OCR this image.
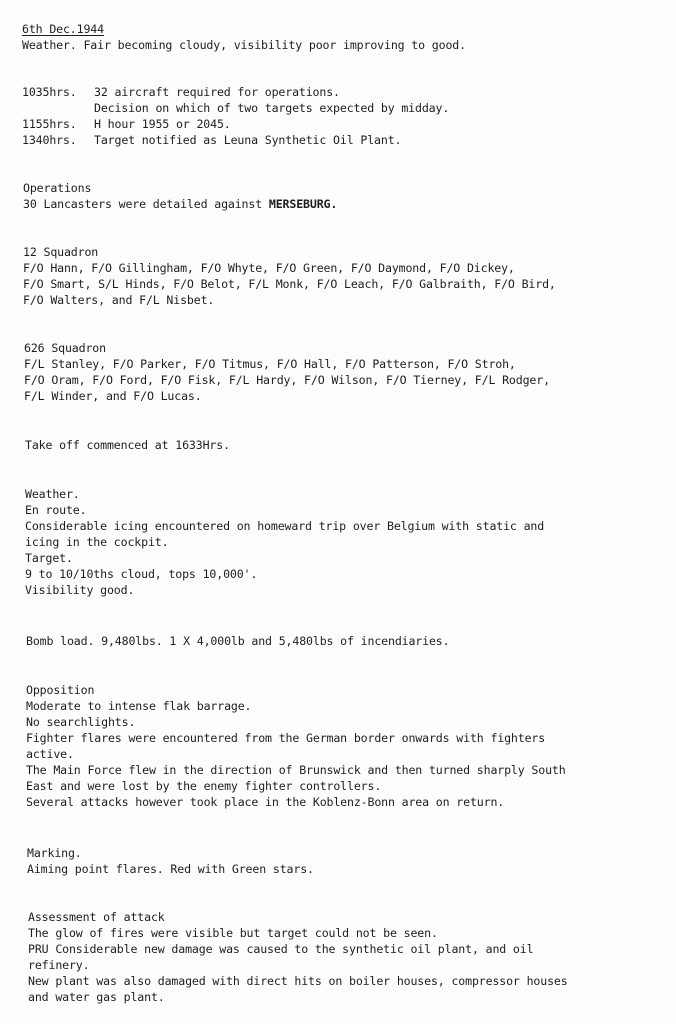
6th Dec.1944
Weather. Fair becoming cloudy, visibility poor improving to good.
1035hrs. 32 aircraft required for operations.
Decision on which of two targets expected by midday.
1155hrs. H hour 1955 or 2045.
1340hrs. Target notified as Leuna Synthetic Oil Plant.
Operations
30 Lancasters were detailed against MERSEBURG.
12 Squadron
F/O Hann, F/O Gillingham, F/O Whyte, F/O Green, F/O Daymond, F/O Dickey,
F/O Smart, S/L Hinds, F/O Belot, F/L Monk, F/O Leach, F/O Galbraith, F/O Bird,
F/O Walters, and F/L Nisbet.
626 Squadron
F/L Stanley, F/O Parker, F/O Titmus, F/O Hall, F/O Patterson, F/O Stroh,
F/O Oram, F/O Ford, F/O Fisk, F/L Hardy, F/O Wilson, F/O Tierney, F/L Rodger,
F/L Winder, and F/O Lucas.
Take off commenced at 1633Hrs.
Weather.
En route.
Considerable icing encountered on homeward trip over Belgium with static and
icing in the cockpit.
Target.
9 to 10/10ths cloud, tops 10,000'.
Visibility good.
Bomb load. 9,480lbs. 1 X 4,000lb and 5,480lbs of incendiaries.
Opposition
Moderate to intense flak barrage.
No searchlights.
Fighter flares were encountered from the German border onwards with fighters
active.
The Main Force flew in the direction of Brunswick and then turned sharply South
East and were lost by the enemy fighter controllers.
Several attacks however took place in the Koblenz-Bonn area on return.
Marking.
Aiming point flares. Red with Green stars.
Assessment of attack
The glow of fires were visible but target could not be seen.
PRU Considerable new damage was caused to the synthetic oil plant, and oil
refinery.
New plant was also damaged with direct hits on boiler houses, compressor houses
and water gas plant.
